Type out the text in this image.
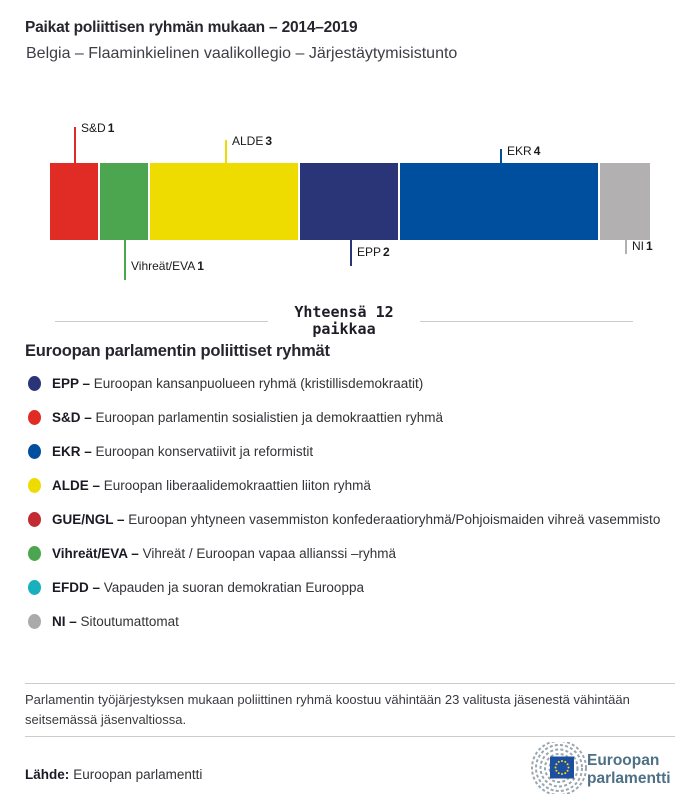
Paikat poliittisen ryhmän mukaan – 2014–2019
Belgia – Flaaminkielinen vaalikollegio – Järjestäytymisistunto
S&D 1
ALDE 3
EKR 4
Vihreät/EVA 1
EPP 2	NI 1
Yhteensä 12
paikkaa
Euroopan parlamentin poliittiset ryhmät
EPP – Euroopan kansanpuolueen ryhmä (kristillisdemokraatit)
S&D – Euroopan parlamentin sosialistien ja demokraattien ryhmä
EKR – Euroopan konservatiivit ja reformistit
ALDE – Euroopan liberaalidemokraattien liiton ryhmä
GUE/NGL – Euroopan yhtyneen vasemmiston konfederaatioryhmä/Pohjoismaiden vihreä vasemmisto
Vihreät/EVA – Vihreät / Euroopan vapaa allianssi –ryhmä
EFDD – Vapauden ja suoran demokratian Eurooppa
NI – Sitoutumattomat
Parlamentin työjärjestyksen mukaan poliittinen ryhmä koostuu vähintään 23 valitusta jäsenestä vähintään seitsemässä jäsenvaltiossa.
Lähde: Euroopan parlamentti
Euroopan
parlamentti
